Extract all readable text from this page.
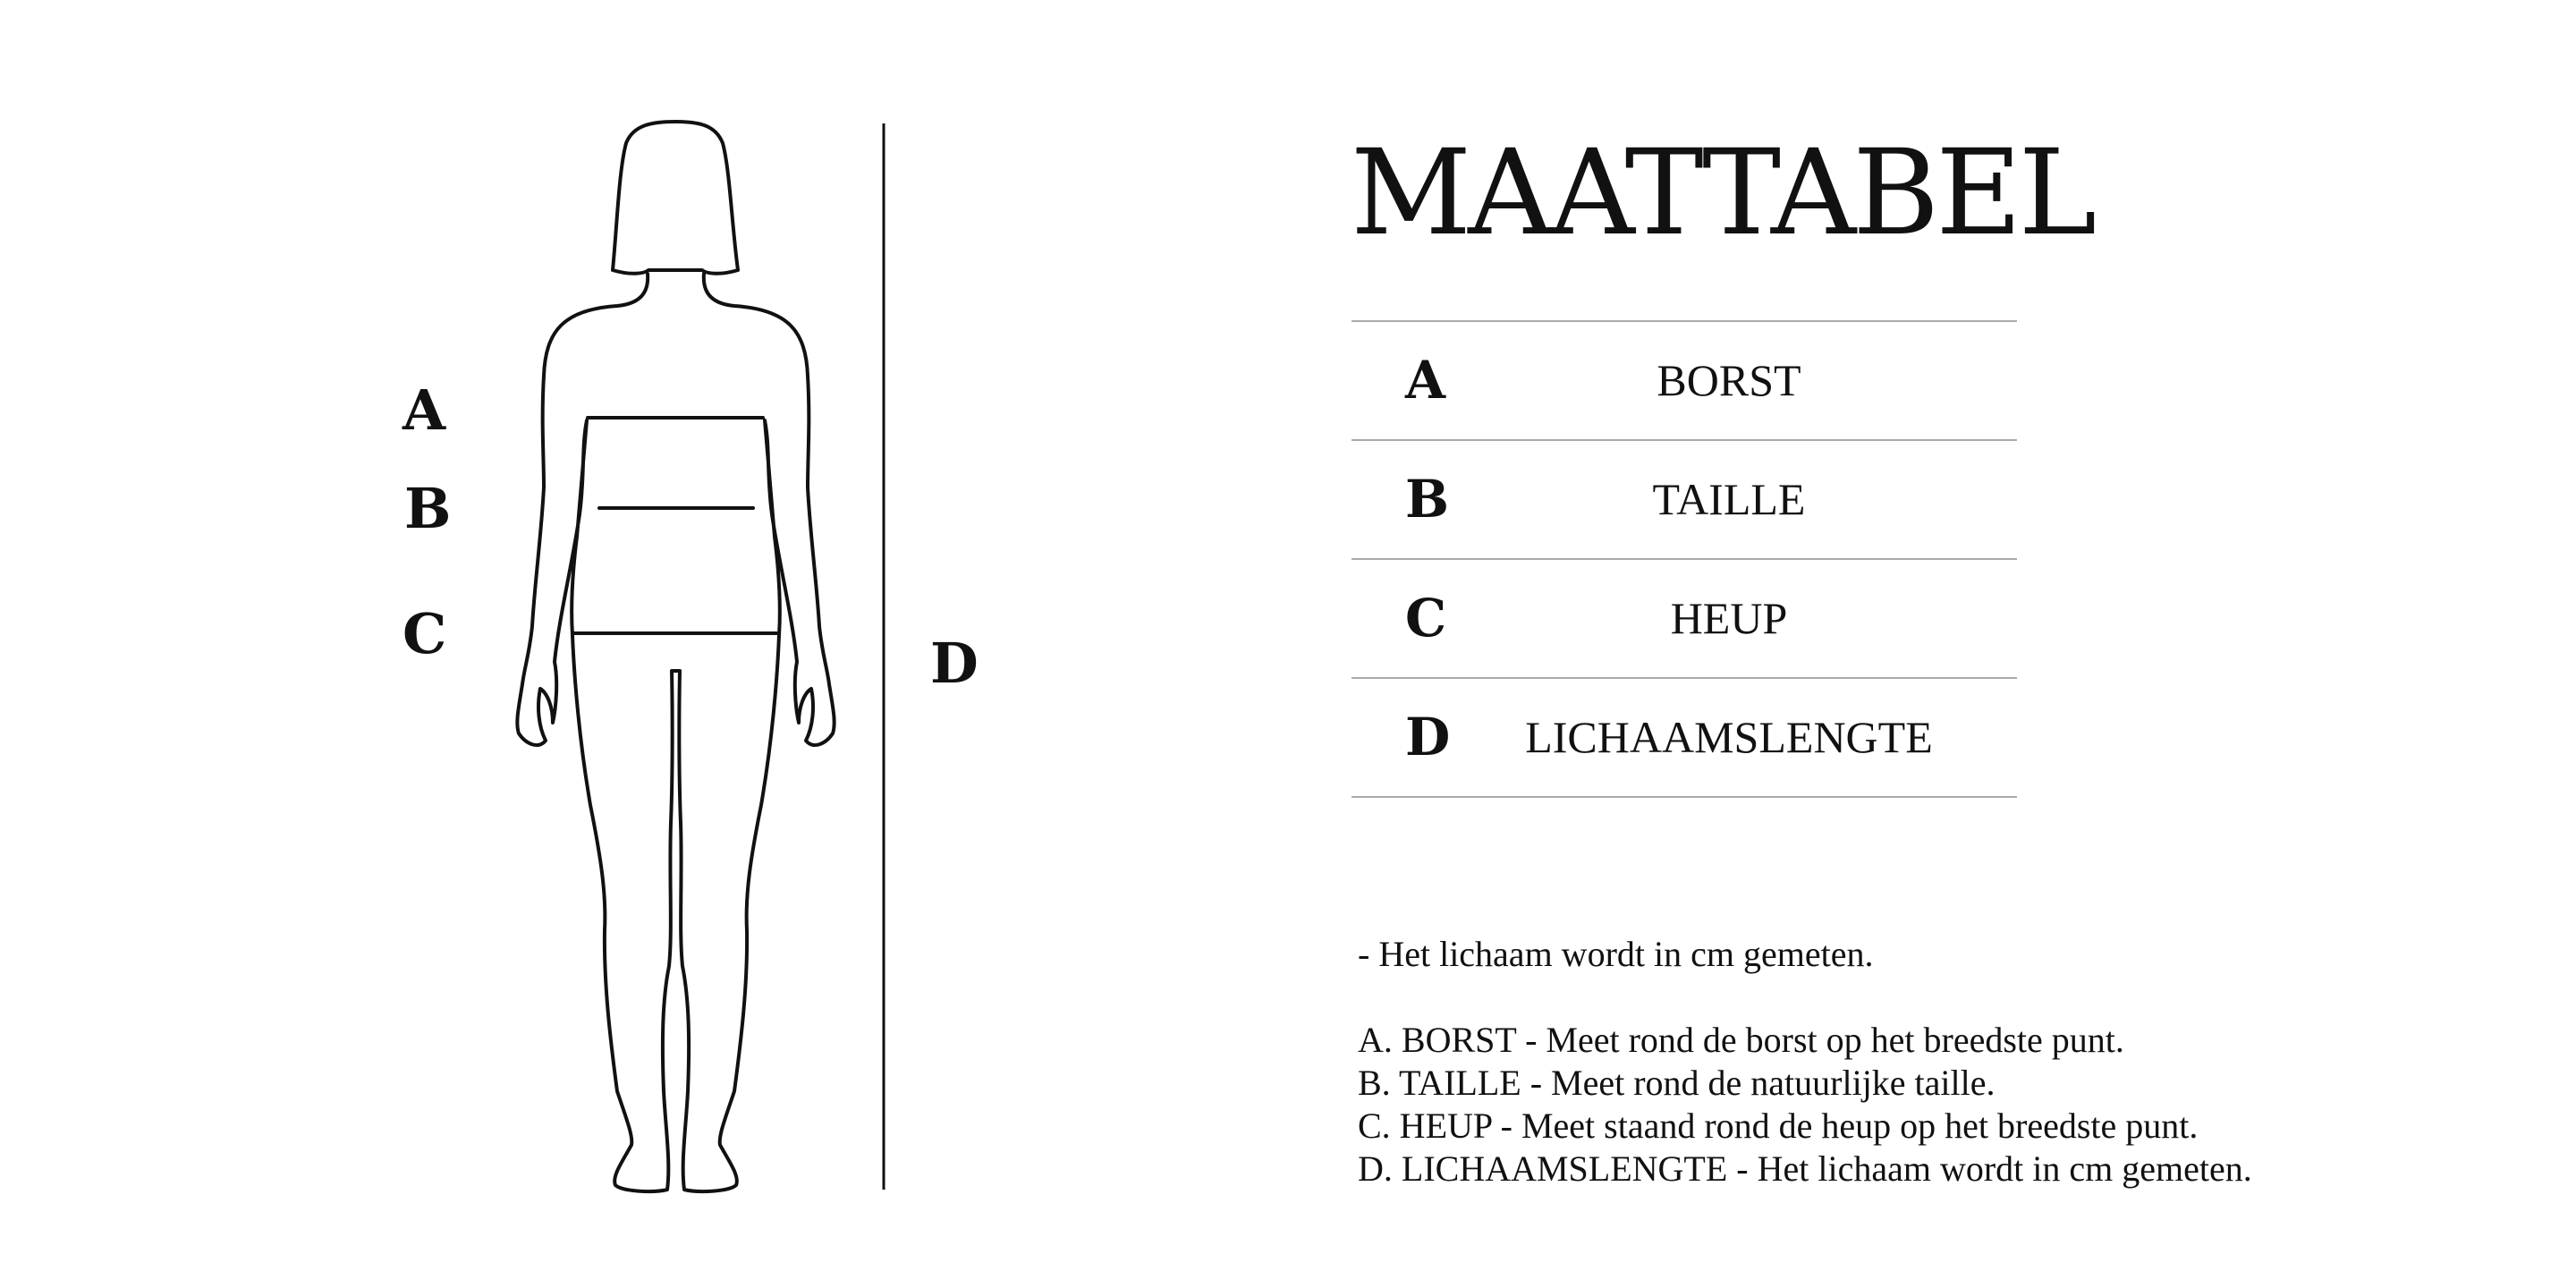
A
B
C	D
MAATTABEL
A	BORST
B	TAILLE
C	HEUP
D	LICHAAMSLENGTE

- Het lichaam wordt in cm gemeten.

A. BORST - Meet rond de borst op het breedste punt.

B. TAILLE - Meet rond de natuurlijke taille.

C. HEUP - Meet staand rond de heup op het breedste punt.

D. LICHAAMSLENGTE - Het lichaam wordt in cm gemeten.
